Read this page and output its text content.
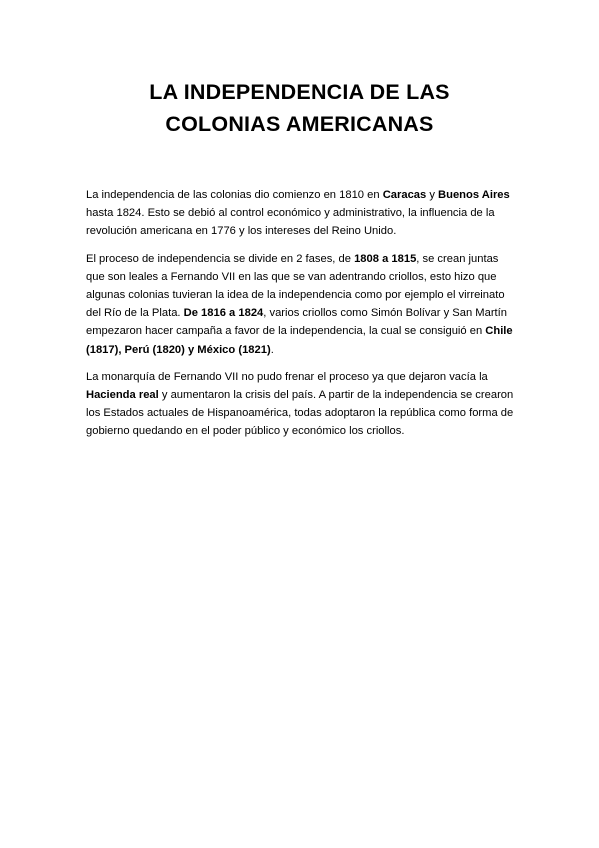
LA INDEPENDENCIA DE LAS
COLONIAS AMERICANAS

La independencia de las colonias dio comienzo en 1810 en Caracas y Buenos Aires hasta 1824. Esto se debió al control económico y administrativo, la influencia de la revolución americana en 1776 y los intereses del Reino Unido.

El proceso de independencia se divide en 2 fases, de 1808 a 1815, se crean juntas que son leales a Fernando VII en las que se van adentrando criollos, esto hizo que algunas colonias tuvieran la idea de la independencia como por ejemplo el virreinato del Río de la Plata. De 1816 a 1824, varios criollos como Simón Bolívar y San Martín empezaron hacer campaña a favor de la independencia, la cual se consiguió en Chile (1817), Perú (1820) y México (1821).

La monarquía de Fernando VII no pudo frenar el proceso ya que dejaron vacía la Hacienda real y aumentaron la crisis del país. A partir de la independencia se crearon los Estados actuales de Hispanoamérica, todas adoptaron la república como forma de gobierno quedando en el poder público y económico los criollos.
